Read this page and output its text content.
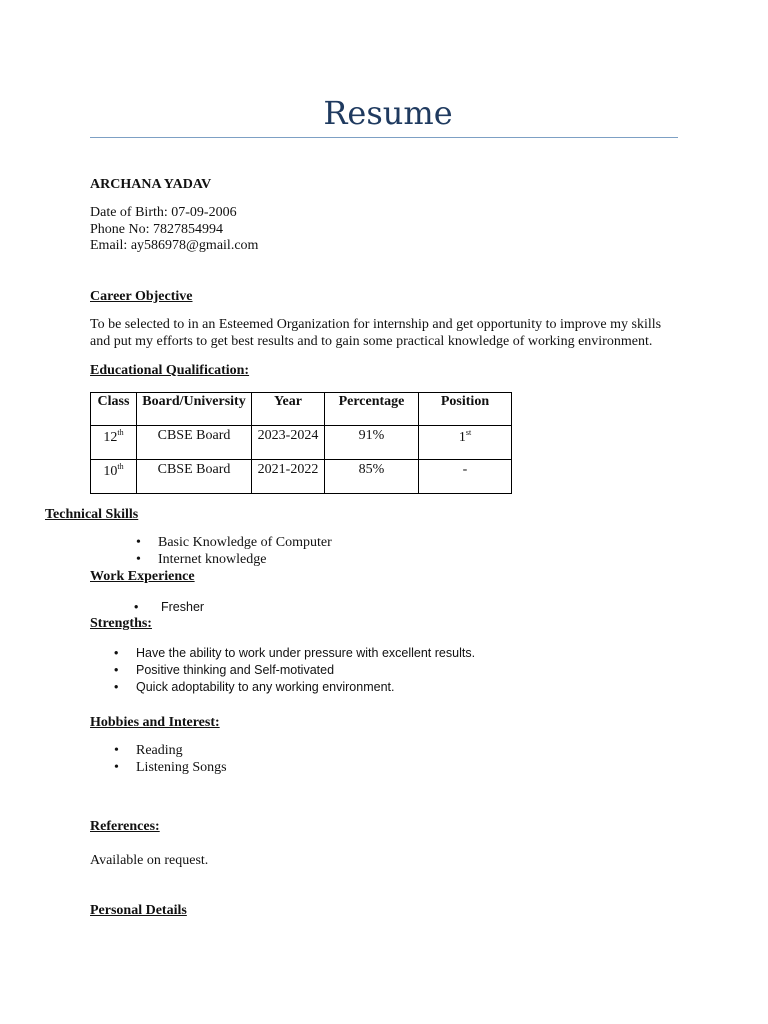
Resume
ARCHANA YADAV
Date of Birth: 07-09-2006
Phone No: 7827854994
Email: ay586978@gmail.com
Career Objective
To be selected to in an Esteemed Organization for internship and get opportunity to improve my skills
and put my efforts to get best results and to gain some practical knowledge of working environment.
Educational Qualification:
Class	Board/University	Year	Percentage	Position
12th	CBSE Board	2023-2024	91%	1st
10th	CBSE Board	2021-2022	85%	-
Technical Skills
• Basic Knowledge of Computer
• Internet knowledge
Work Experience
• Fresher
Strengths:
• Have the ability to work under pressure with excellent results.
• Positive thinking and Self-motivated
• Quick adoptability to any working environment.
Hobbies and Interest:
• Reading
• Listening Songs
References:
Available on request.
Personal Details
